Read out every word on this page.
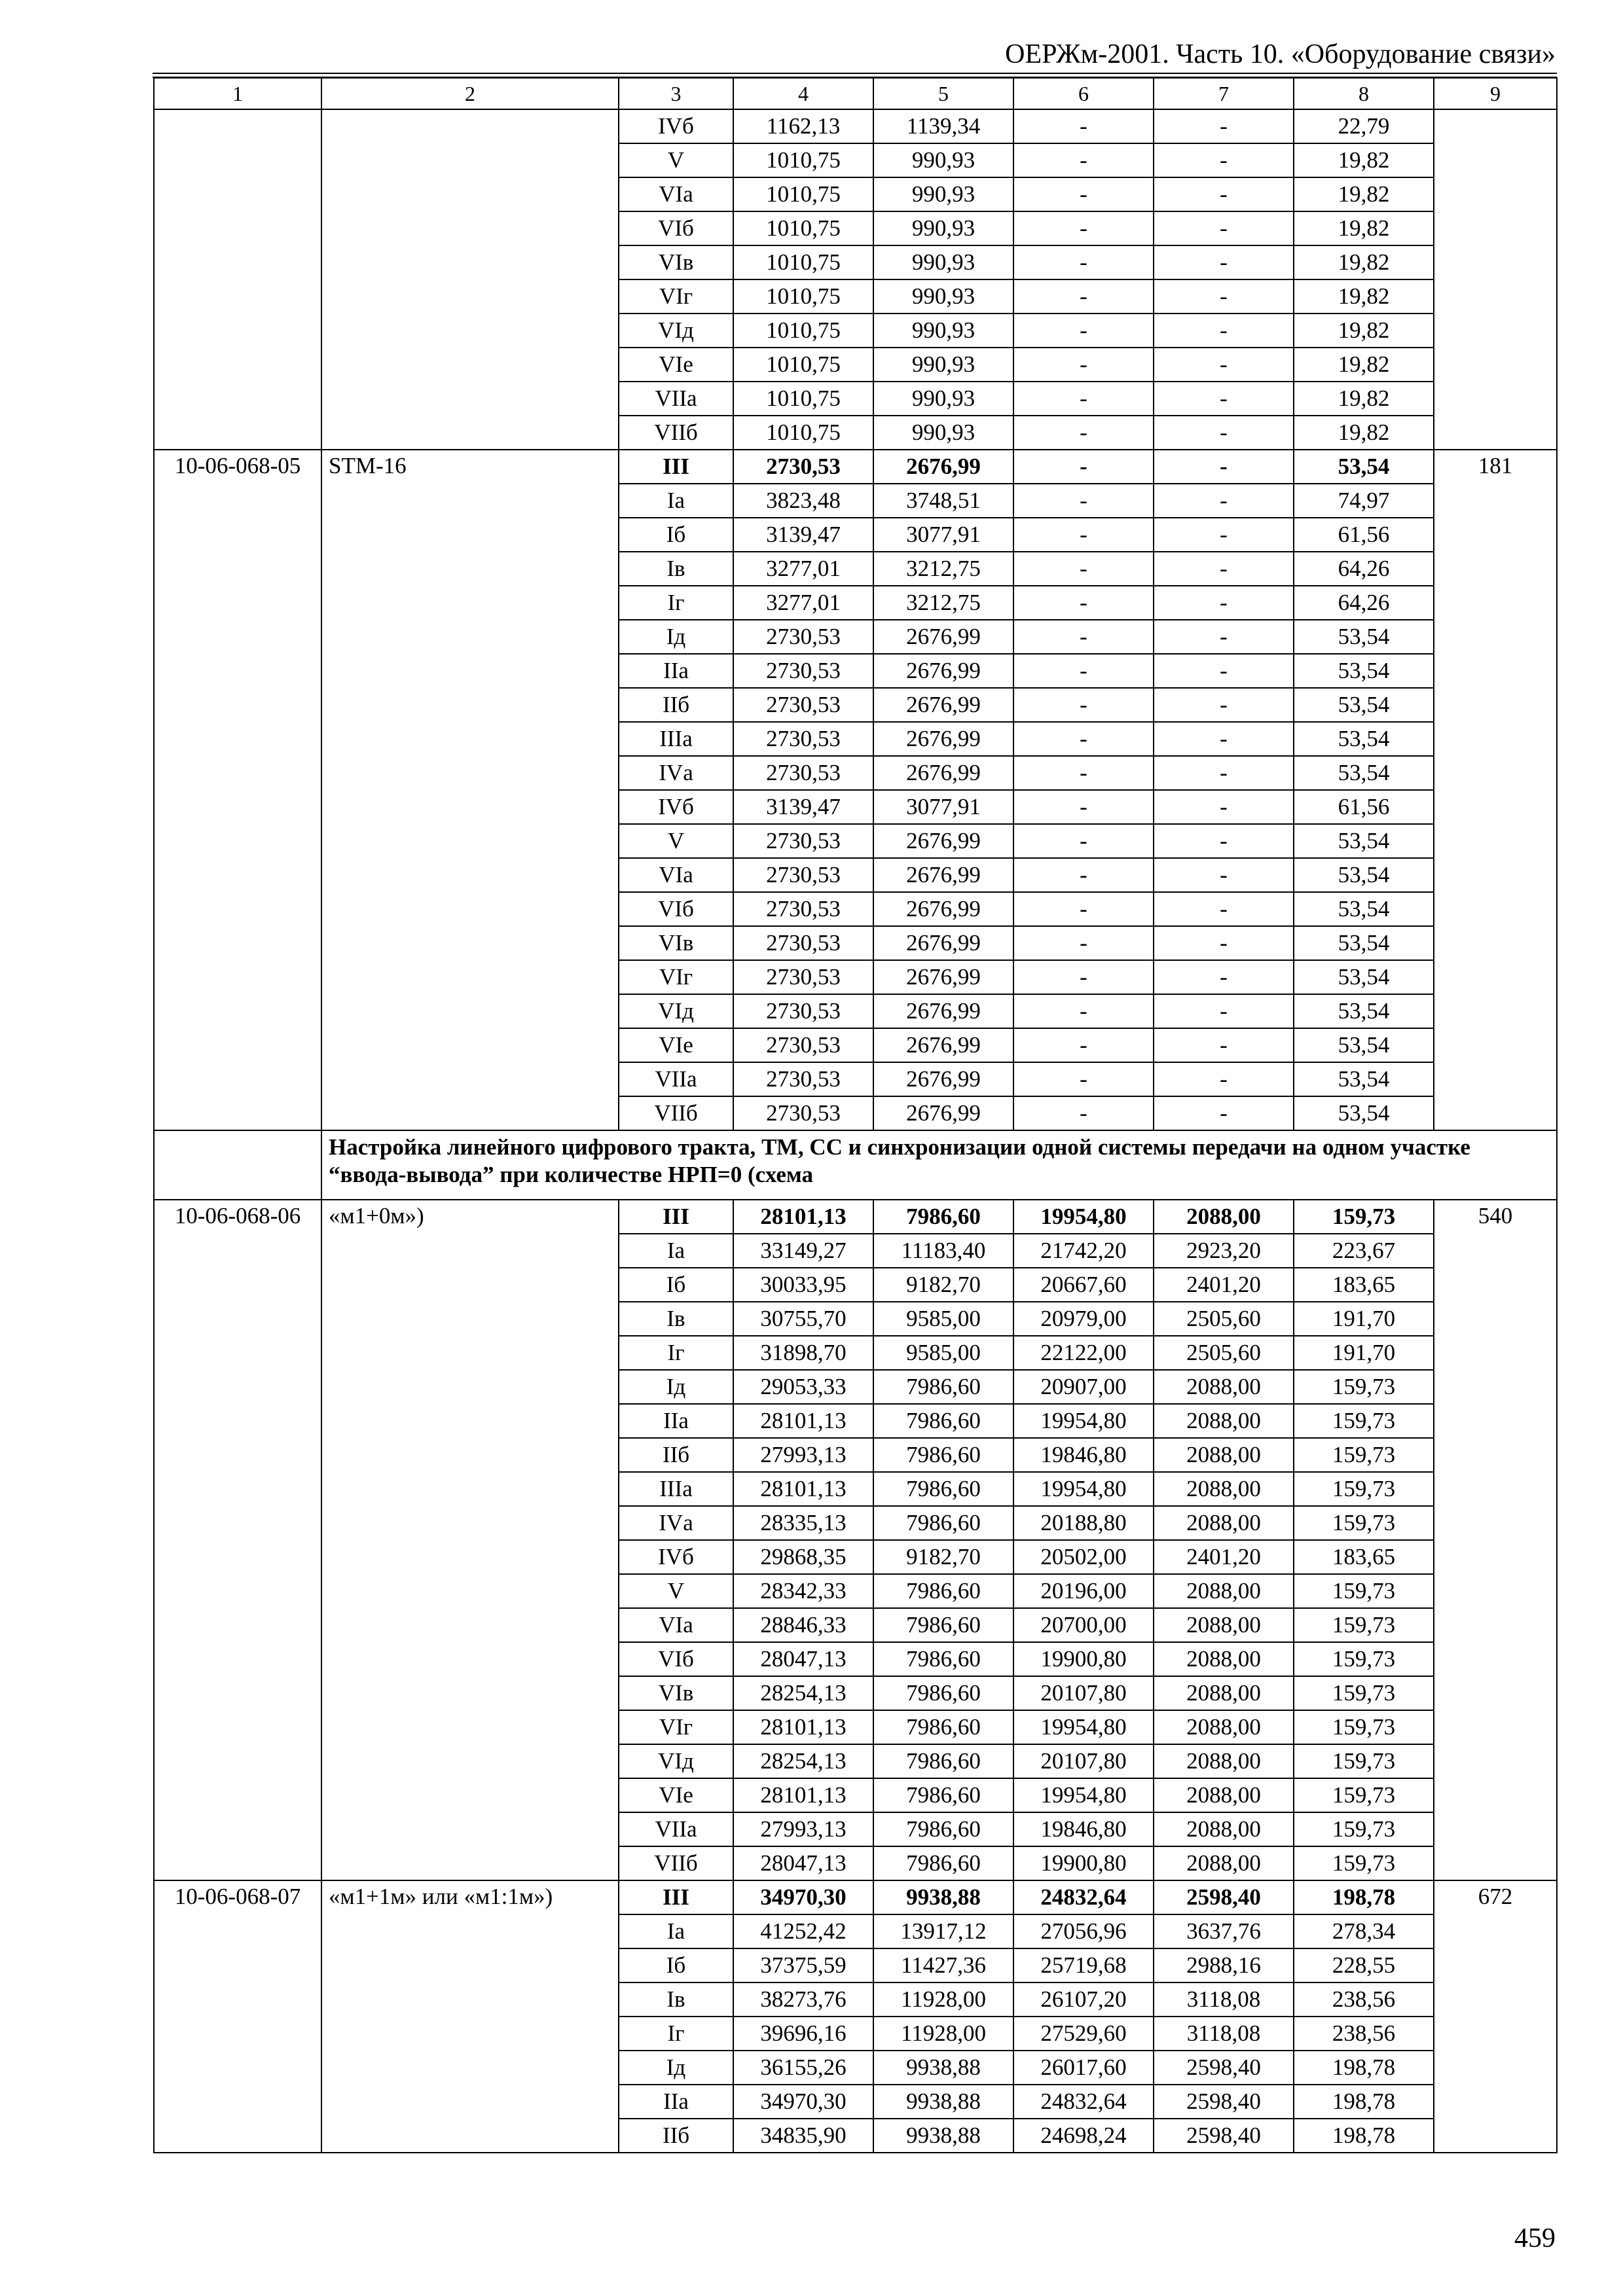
ОЕРЖм-2001. Часть 10. «Оборудование связи»
1	2	3	4	5	6	7	8	9
		IVб	1162,13	1139,34	-	-	22,79	
		V	1010,75	990,93	-	-	19,82	
		VIа	1010,75	990,93	-	-	19,82	
		VIб	1010,75	990,93	-	-	19,82	
		VIв	1010,75	990,93	-	-	19,82	
		VIг	1010,75	990,93	-	-	19,82	
		VIд	1010,75	990,93	-	-	19,82	
		VIе	1010,75	990,93	-	-	19,82	
		VIIа	1010,75	990,93	-	-	19,82	
		VIIб	1010,75	990,93	-	-	19,82	
10-06-068-05	STM-16	III	2730,53	2676,99	-	-	53,54	181
		Iа	3823,48	3748,51	-	-	74,97	
		Iб	3139,47	3077,91	-	-	61,56	
		Iв	3277,01	3212,75	-	-	64,26	
		Iг	3277,01	3212,75	-	-	64,26	
		Iд	2730,53	2676,99	-	-	53,54	
		IIа	2730,53	2676,99	-	-	53,54	
		IIб	2730,53	2676,99	-	-	53,54	
		IIIа	2730,53	2676,99	-	-	53,54	
		IVа	2730,53	2676,99	-	-	53,54	
		IVб	3139,47	3077,91	-	-	61,56	
		V	2730,53	2676,99	-	-	53,54	
		VIа	2730,53	2676,99	-	-	53,54	
		VIб	2730,53	2676,99	-	-	53,54	
		VIв	2730,53	2676,99	-	-	53,54	
		VIг	2730,53	2676,99	-	-	53,54	
		VIд	2730,53	2676,99	-	-	53,54	
		VIе	2730,53	2676,99	-	-	53,54	
		VIIа	2730,53	2676,99	-	-	53,54	
		VIIб	2730,53	2676,99	-	-	53,54	
	Настройка линейного цифрового тракта, ТМ, СС и синхронизации одной системы передачи на одном участке “ввода-вывода” при количестве НРП=0 (схема							
10-06-068-06	«м1+0м»)	III	28101,13	7986,60	19954,80	2088,00	159,73	540
		Iа	33149,27	11183,40	21742,20	2923,20	223,67	
		Iб	30033,95	9182,70	20667,60	2401,20	183,65	
		Iв	30755,70	9585,00	20979,00	2505,60	191,70	
		Iг	31898,70	9585,00	22122,00	2505,60	191,70	
		Iд	29053,33	7986,60	20907,00	2088,00	159,73	
		IIа	28101,13	7986,60	19954,80	2088,00	159,73	
		IIб	27993,13	7986,60	19846,80	2088,00	159,73	
		IIIа	28101,13	7986,60	19954,80	2088,00	159,73	
		IVа	28335,13	7986,60	20188,80	2088,00	159,73	
		IVб	29868,35	9182,70	20502,00	2401,20	183,65	
		V	28342,33	7986,60	20196,00	2088,00	159,73	
		VIа	28846,33	7986,60	20700,00	2088,00	159,73	
		VIб	28047,13	7986,60	19900,80	2088,00	159,73	
		VIв	28254,13	7986,60	20107,80	2088,00	159,73	
		VIг	28101,13	7986,60	19954,80	2088,00	159,73	
		VIд	28254,13	7986,60	20107,80	2088,00	159,73	
		VIе	28101,13	7986,60	19954,80	2088,00	159,73	
		VIIа	27993,13	7986,60	19846,80	2088,00	159,73	
		VIIб	28047,13	7986,60	19900,80	2088,00	159,73	
10-06-068-07	«м1+1м» или «м1:1м»)	III	34970,30	9938,88	24832,64	2598,40	198,78	672
		Iа	41252,42	13917,12	27056,96	3637,76	278,34	
		Iб	37375,59	11427,36	25719,68	2988,16	228,55	
		Iв	38273,76	11928,00	26107,20	3118,08	238,56	
		Iг	39696,16	11928,00	27529,60	3118,08	238,56	
		Iд	36155,26	9938,88	26017,60	2598,40	198,78	
		IIа	34970,30	9938,88	24832,64	2598,40	198,78	
		IIб	34835,90	9938,88	24698,24	2598,40	198,78	
459
